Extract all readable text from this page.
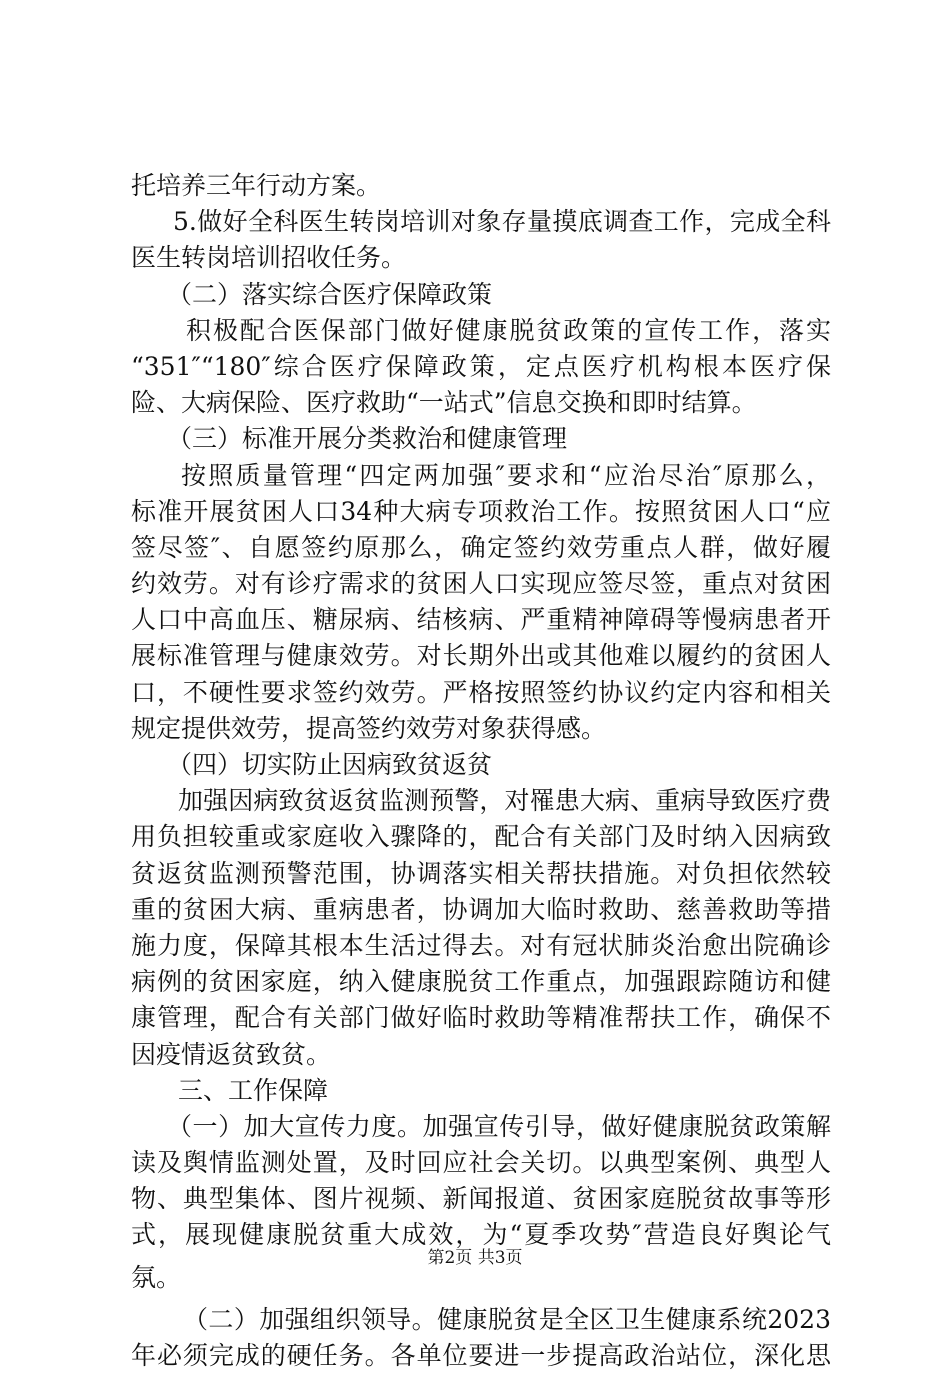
托培养三年行动方案。
5.做好全科医生转岗培训对象存量摸底调查工作，完成全科
医生转岗培训招收任务。
（二）落实综合医疗保障政策
积极配合医保部门做好健康脱贫政策的宣传工作，落实
“351″“180″综合医疗保障政策，定点医疗机构根本医疗保
险、大病保险、医疗救助“一站式”信息交换和即时结算。
（三）标准开展分类救治和健康管理
按照质量管理“四定两加强″要求和“应治尽治″原那么，
标准开展贫困人口34种大病专项救治工作。按照贫困人口“应
签尽签″、自愿签约原那么，确定签约效劳重点人群，做好履
约效劳。对有诊疗需求的贫困人口实现应签尽签，重点对贫困
人口中高血压、糖尿病、结核病、严重精神障碍等慢病患者开
展标准管理与健康效劳。对长期外出或其他难以履约的贫困人
口，不硬性要求签约效劳。严格按照签约协议约定内容和相关
规定提供效劳，提高签约效劳对象获得感。
（四）切实防止因病致贫返贫
加强因病致贫返贫监测预警，对罹患大病、重病导致医疗费
用负担较重或家庭收入骤降的，配合有关部门及时纳入因病致
贫返贫监测预警范围，协调落实相关帮扶措施。对负担依然较
重的贫困大病、重病患者，协调加大临时救助、慈善救助等措
施力度，保障其根本生活过得去。对有冠状肺炎治愈出院确诊
病例的贫困家庭，纳入健康脱贫工作重点，加强跟踪随访和健
康管理，配合有关部门做好临时救助等精准帮扶工作，确保不
因疫情返贫致贫。
三、工作保障
（一）加大宣传力度。加强宣传引导，做好健康脱贫政策解
读及舆情监测处置，及时回应社会关切。以典型案例、典型人
物、典型集体、图片视频、新闻报道、贫困家庭脱贫故事等形
式，展现健康脱贫重大成效，为“夏季攻势″营造良好舆论气
氛。
（二）加强组织领导。健康脱贫是全区卫生健康系统2023
年必须完成的硬任务。各单位要进一步提高政治站位，深化思
第2页 共3页
